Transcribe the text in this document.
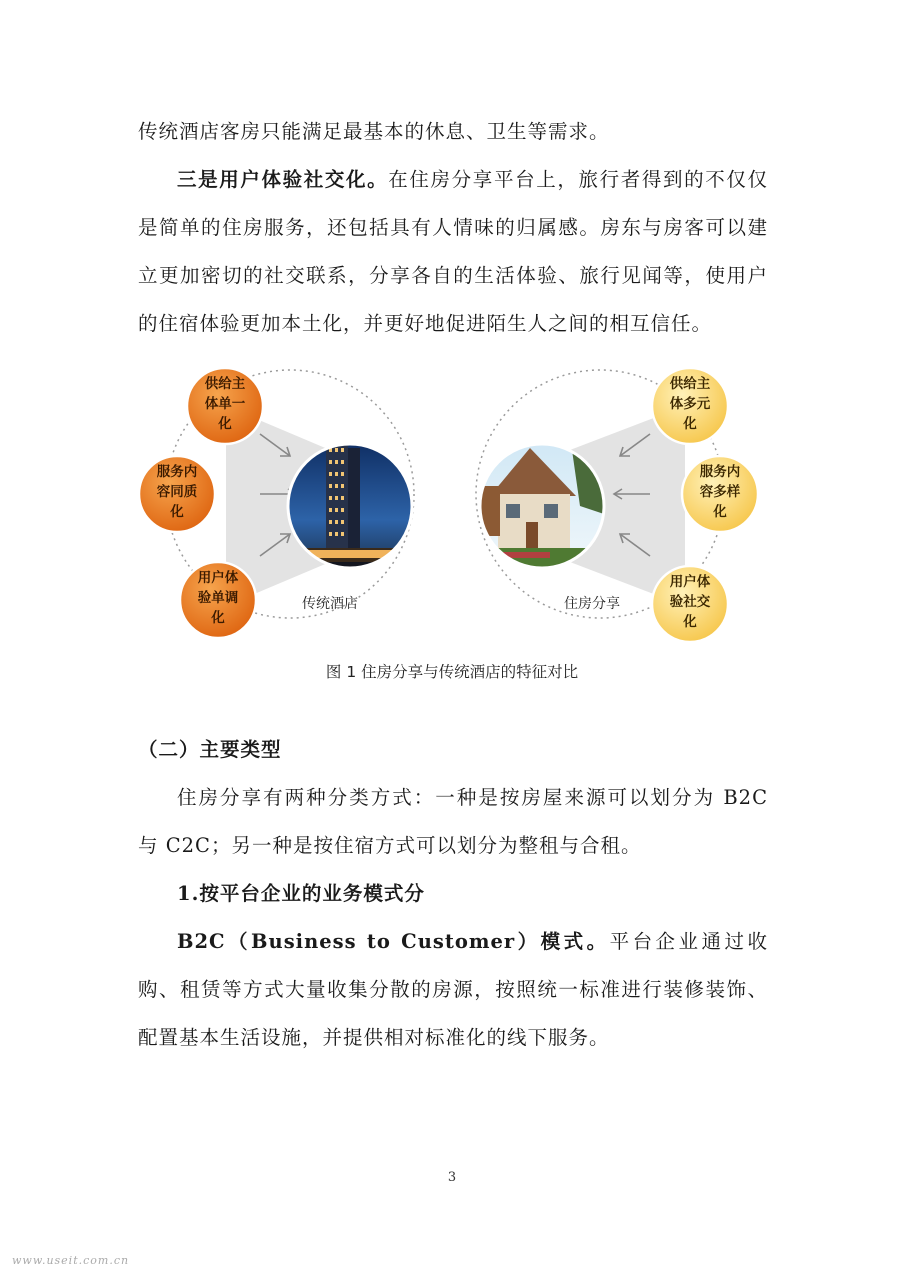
传统酒店客房只能满足最基本的休息、卫生等需求。

三是用户体验社交化。在住房分享平台上，旅行者得到的不仅仅是简单的住房服务，还包括具有人情味的归属感。房东与房客可以建立更加密切的社交联系，分享各自的生活体验、旅行见闻等，使用户的住宿体验更加本土化，并更好地促进陌生人之间的相互信任。

供给主
体单一
化
服务内
容同质
化
用户体
验单调
化
供给主
体多元
化
服务内
容多样
化
用户体
验社交
化
传统酒店	住房分享
图 1 住房分享与传统酒店的特征对比
（二）主要类型

住房分享有两种分类方式：一种是按房屋来源可以划分为 B2C 与 C2C；另一种是按住宿方式可以划分为整租与合租。

1.按平台企业的业务模式分

B2C（Business to Customer）模式。平台企业通过收购、租赁等方式大量收集分散的房源，按照统一标准进行装修装饰、配置基本生活设施，并提供相对标准化的线下服务。

3
www.useit.com.cn
